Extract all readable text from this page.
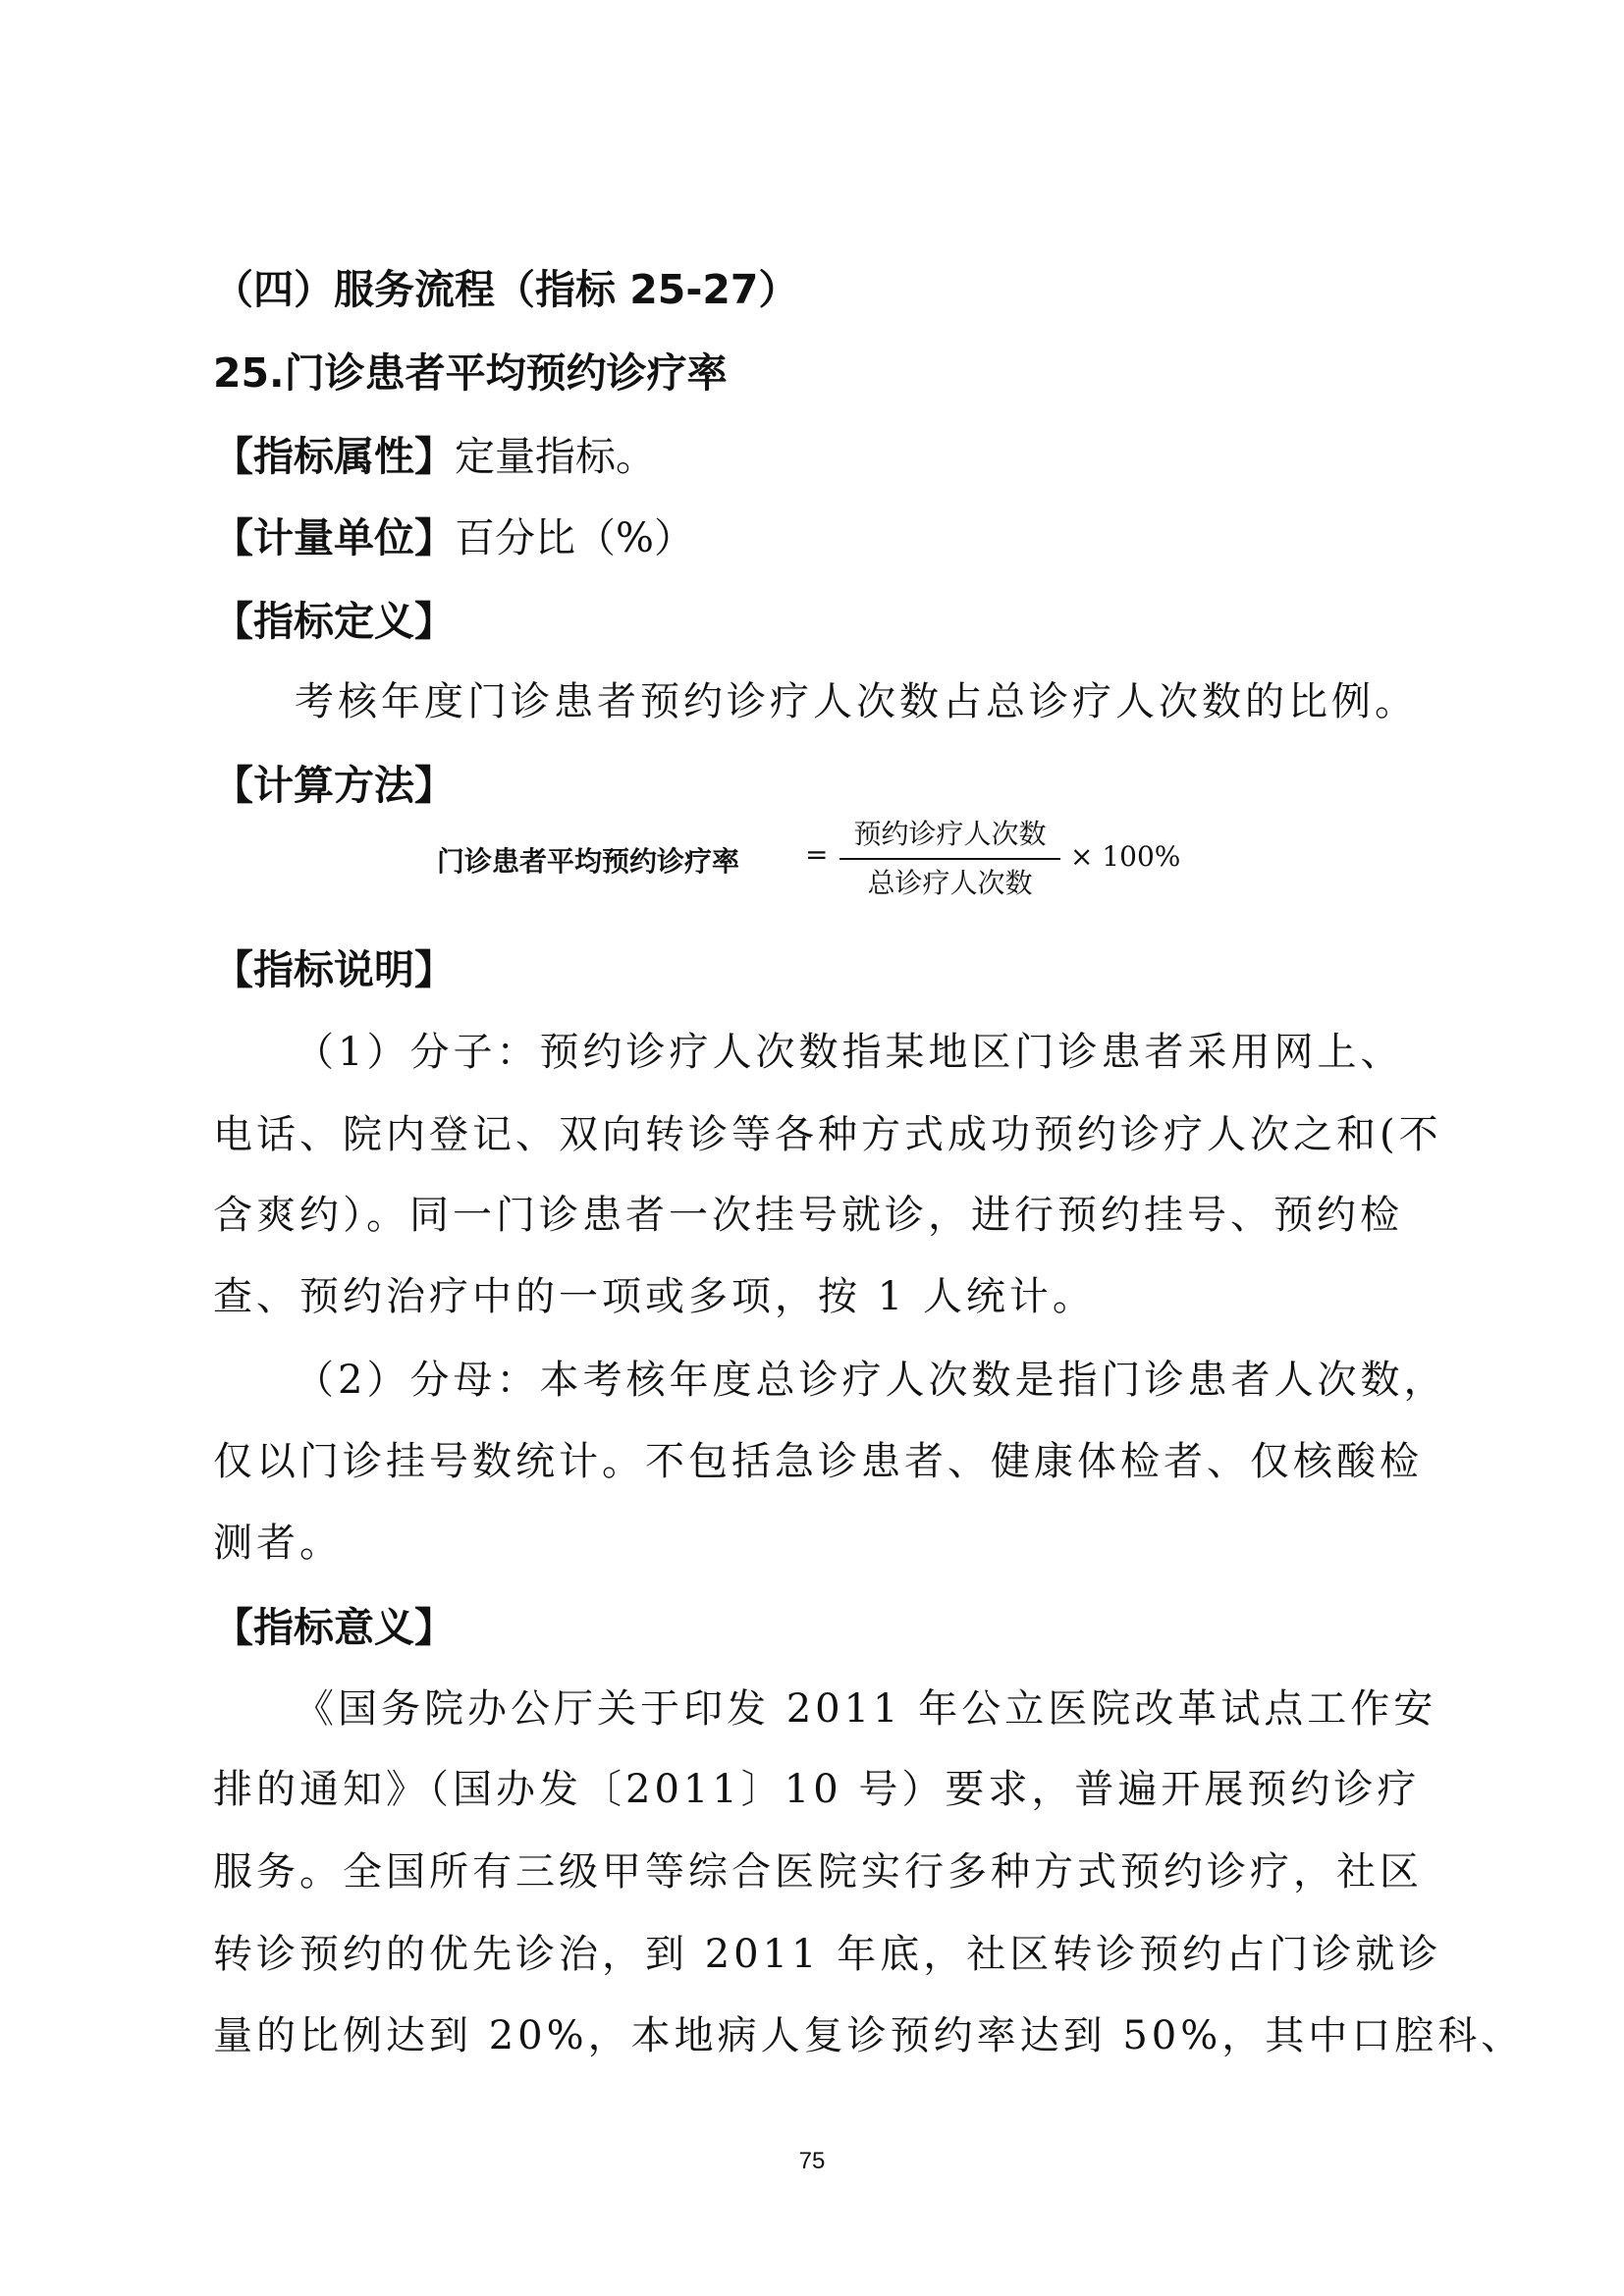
（四）服务流程（指标 25-27）
25.门诊患者平均预约诊疗率
【指标属性】定量指标。
【计量单位】百分比（%）
【指标定义】
考核年度门诊患者预约诊疗人次数占总诊疗人次数的比例。
【计算方法】
门诊患者平均预约诊疗率 =
预约诊疗人次数
总诊疗人次数
× 100%
【指标说明】
（1）分子：预约诊疗人次数指某地区门诊患者采用网上、
电话、院内登记、双向转诊等各种方式成功预约诊疗人次之和(不
含爽约）。同一门诊患者一次挂号就诊，进行预约挂号、预约检
查、预约治疗中的一项或多项，按 1 人统计。
（2）分母：本考核年度总诊疗人次数是指门诊患者人次数，
仅以门诊挂号数统计。不包括急诊患者、健康体检者、仅核酸检
测者。
【指标意义】
《国务院办公厅关于印发 2011 年公立医院改革试点工作安
排的通知》（国办发〔2011〕10 号）要求，普遍开展预约诊疗
服务。全国所有三级甲等综合医院实行多种方式预约诊疗，社区
转诊预约的优先诊治，到 2011 年底，社区转诊预约占门诊就诊
量的比例达到 20%，本地病人复诊预约率达到 50%，其中口腔科、
75
